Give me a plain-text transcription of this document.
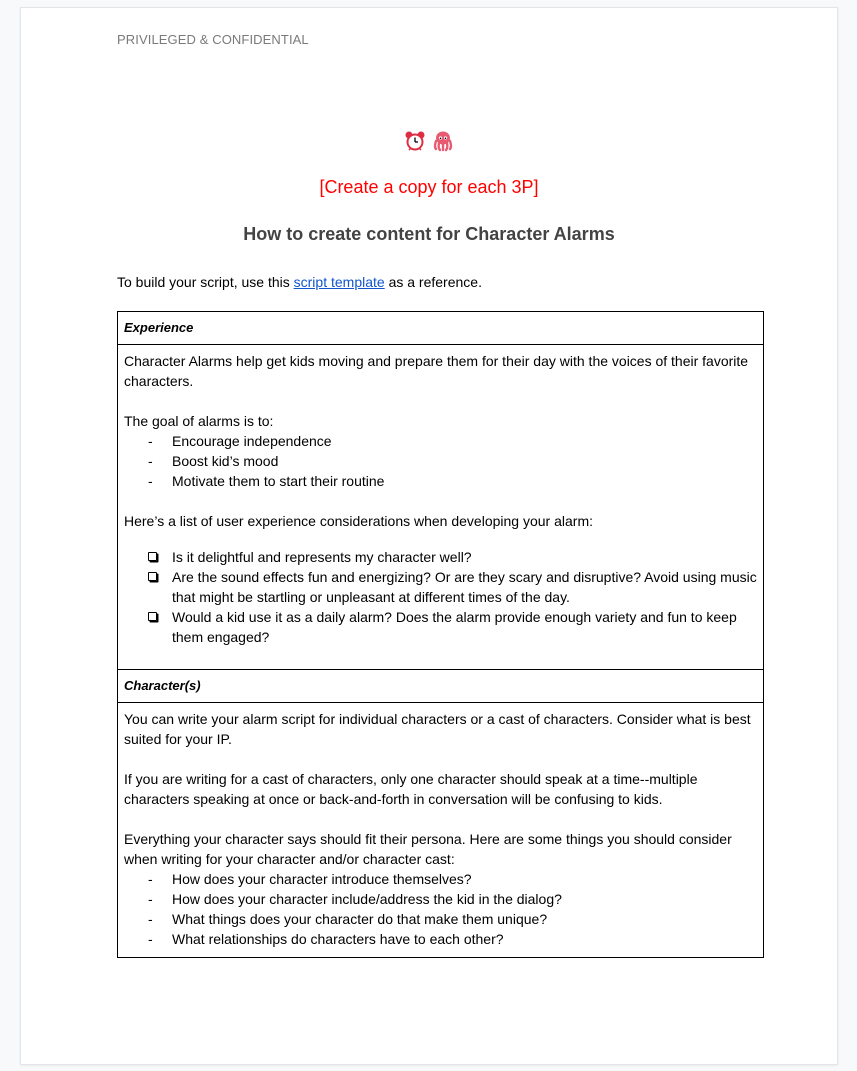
PRIVILEGED & CONFIDENTIAL

[Create a copy for each 3P]
How to create content for Character Alarms
To build your script, use this script template as a reference.
Experience

Character Alarms help get kids moving and prepare them for their day with the voices of their favorite characters.

The goal of alarms is to:

- Encourage independence
- Boost kid’s mood
- Motivate them to start their routine

Here’s a list of user experience considerations when developing your alarm:

Is it delightful and represents my character well?
Are the sound effects fun and energizing? Or are they scary and disruptive? Avoid using music that might be startling or unpleasant at different times of the day.
Would a kid use it as a daily alarm? Does the alarm provide enough variety and fun to keep them engaged?

Character(s)

You can write your alarm script for individual characters or a cast of characters. Consider what is best suited for your IP.

If you are writing for a cast of characters, only one character should speak at a time--multiple characters speaking at once or back-and-forth in conversation will be confusing to kids.

Everything your character says should fit their persona. Here are some things you should consider when writing for your character and/or character cast:

- How does your character introduce themselves?
- How does your character include/address the kid in the dialog?
- What things does your character do that make them unique?
- What relationships do characters have to each other?
